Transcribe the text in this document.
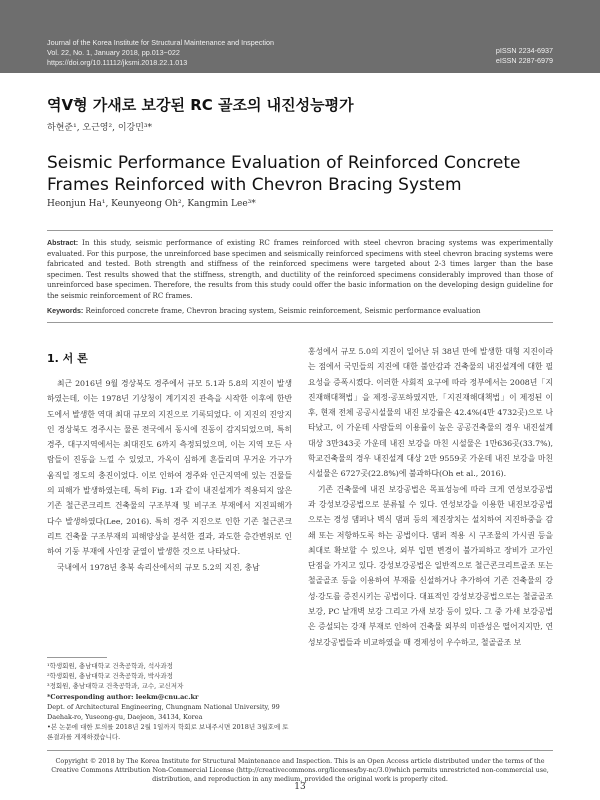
Journal of the Korea Institute for Structural Maintenance and Inspection
Vol. 22, No. 1, January 2018, pp.013~022
https://doi.org/10.11112/jksmi.2018.22.1.013
pISSN 2234-6937
eISSN 2287-6979
역V형 가새로 보강된 RC 골조의 내진성능평가
하현준¹, 오근영², 이강민³*
Seismic Performance Evaluation of Reinforced Concrete Frames Reinforced with Chevron Bracing System
Heonjun Ha¹, Keunyeong Oh², Kangmin Lee³*
Abstract: In this study, seismic performance of existing RC frames reinforced with steel chevron bracing systems was experimentally evaluated. For this purpose, the unreinforced base specimen and seismically reinforced specimens with steel chevron bracing systems were fabricated and tested. Both strength and stiffness of the reinforced specimens were targeted about 2-3 times larger than the base specimen. Test results showed that the stiffness, strength, and ductility of the reinforced specimens considerably improved than those of unreinforced base specimen. Therefore, the results from this study could offer the basic information on the developing design guideline for the seismic reinforcement of RC frames.
Keywords: Reinforced concrete frame, Chevron bracing system, Seismic reinforcement, Seismic performance evaluation
1. 서 론

최근 2016년 9월 경상북도 경주에서 규모 5.1과 5.8의 지진이 발생하였는데, 이는 1978년 기상청이 계기지진 관측을 시작한 이후에 한반도에서 발생한 역대 최대 규모의 지진으로 기록되었다. 이 지진의 진앙지인 경상북도 경주시는 물론 전국에서 동시에 진동이 감지되었으며, 특히 경주, 대구지역에서는 최대진도 6까지 측정되었으며, 이는 지역 모든 사람들이 진동을 느낄 수 있었고, 가옥이 심하게 흔들리며 무거운 가구가 움직일 정도의 충진이었다. 이로 인하여 경주와 인근지역에 있는 건물들의 피해가 발생하였는데, 특히 Fig. 1과 같이 내진설계가 적용되지 않은 기존 철근콘크리트 건축물의 구조부재 및 비구조 부재에서 지진피해가 다수 발생하였다(Lee, 2016). 특히 경주 지진으로 인한 기존 철근콘크리트 건축물 구조부재의 피해양상을 분석한 결과, 과도한 층간변위로 인하여 기둥 부재에 사인장 균열이 발생한 것으로 나타났다.

국내에서 1978년 충북 속리산에서의 규모 5.2의 지진, 충남

홍성에서 규모 5.0의 지진이 일어난 뒤 38년 만에 발생한 대형 지진이라는 점에서 국민들의 지진에 대한 불안감과 건축물의 내진설계에 대한 필요성을 증폭시켰다. 이러한 사회적 요구에 따라 정부에서는 2008년「지진재해대책법」을 제정·공포하였지만,「지진재해대책법」이 제정된 이후, 현재 전체 공공시설물의 내진 보강률은 42.4%(4만 4732곳)으로 나타났고, 이 가운데 사람들의 이용률이 높은 공공건축물의 경우 내진설계 대상 3만343곳 가운데 내진 보강을 마친 시설물은 1만636곳(33.7%), 학교건축물의 경우 내진설계 대상 2만 9559곳 가운데 내진 보강을 마친 시설물은 6727곳(22.8%)에 불과하다(Oh et al., 2016).

기존 건축물에 내진 보강공법은 목표성능에 따라 크게 연성보강공법과 강성보강공법으로 분류될 수 있다. 연성보강을 이용한 내진보강공법으로는 경성 댐퍼나 벽식 댐퍼 등의 제진장치는 설치하여 지진하중을 감쇄 또는 저항하도록 하는 공법이다. 댐퍼 적용 시 구조물의 가시권 등을 최대로 확보할 수 있으나, 외부 입면 변경이 불가피하고 장비가 고가인 단점을 가지고 있다. 강성보강공법은 일반적으로 철근콘크리트골조 또는 철골골조 등을 이용하여 부재를 신설하거나 추가하여 기존 건축물의 강성·강도를 증진시키는 공법이다. 대표적인 강성보강공법으로는 철골골조 보강, PC 낱개벽 보강 그리고 가새 보강 등이 있다. 그 중 가새 보강공법은 증설되는 강재 부재로 인하여 건축물 외부의 미관성은 떨어지지만, 연성보강공법들과 비교하였을 때 경제성이 우수하고, 철골골조 보

¹학생회원, 충남대학교 건축공학과, 석사과정
²학생회원, 충남대학교 건축공학과, 박사과정
³정회원, 충남대학교 건축공학과, 교수, 교신저자
*Corresponding author: leekm@cnu.ac.kr
Dept. of Architectural Engineering, Chungnam National University, 99 Daehak-ro, Yuseong-gu, Daejeon, 34134, Korea
•본 논문에 대한 토의를 2018년 2월 1일까지 학회로 보내주시면 2018년 3월호에 토론결과를 게재하겠습니다.
Copyright © 2018 by The Korea Institute for Structural Maintenance and Inspection. This is an Open Access article distributed under the terms of the Creative Commons Attribution Non-Commercial License (http://creativecommons.org/licenses/by-nc/3.0)which permits unrestricted non-commercial use, distribution, and reproduction in any medium, provided the original work is properly cited.
13
